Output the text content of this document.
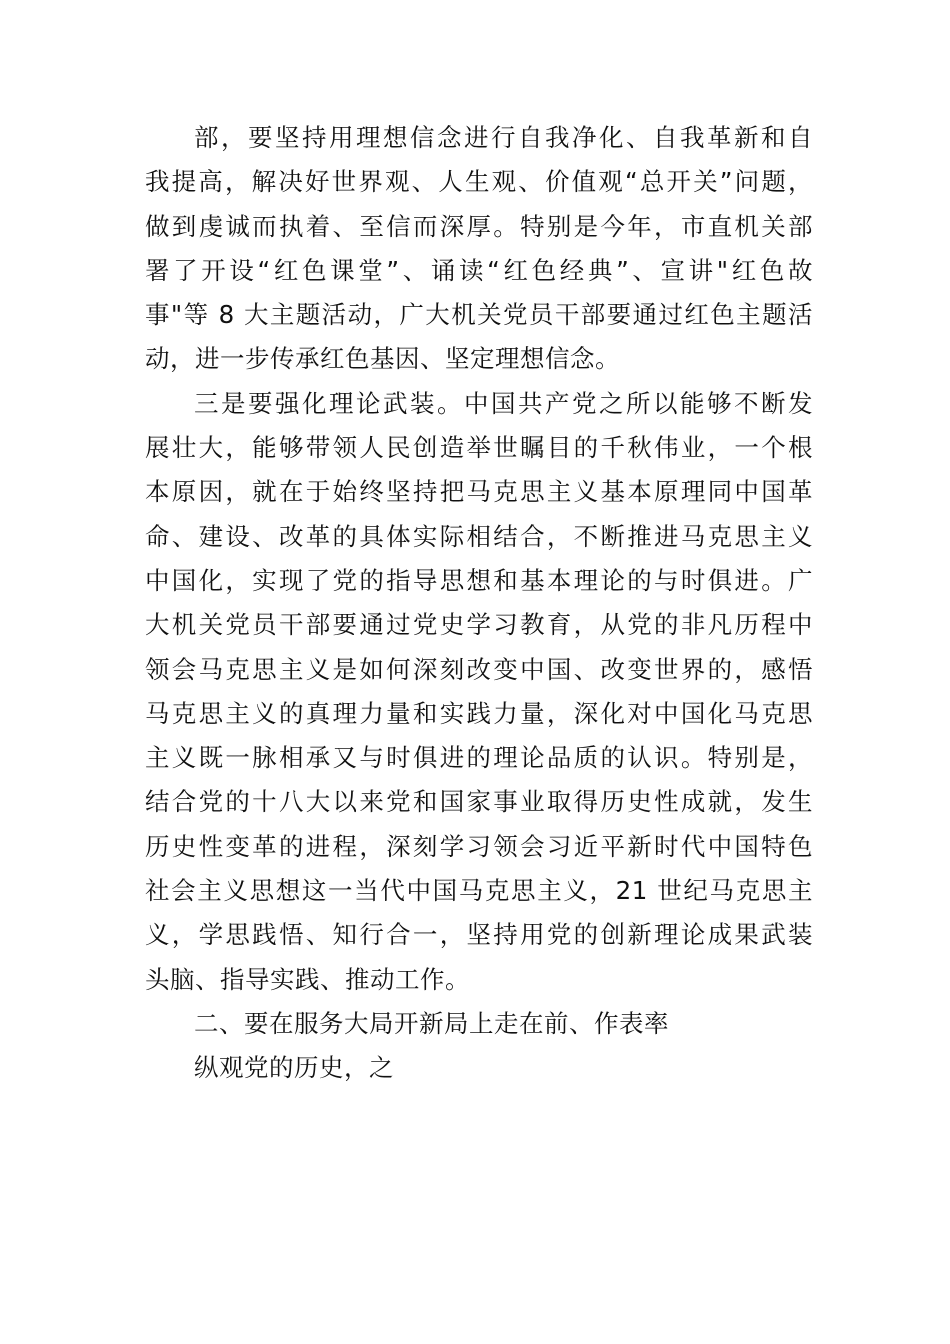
部，要坚持用理想信念进行自我净化、自我革新和自
我提高，解决好世界观、人生观、价值观“总开关”问题，
做到虔诚而执着、至信而深厚。特别是今年，市直机关部
署了开设“红色课堂”、诵读“红色经典”、宣讲"红色故
事"等 8 大主题活动，广大机关党员干部要通过红色主题活
动，进一步传承红色基因、坚定理想信念。
三是要强化理论武装。中国共产党之所以能够不断发
展壮大，能够带领人民创造举世瞩目的千秋伟业，一个根
本原因，就在于始终坚持把马克思主义基本原理同中国革
命、建设、改革的具体实际相结合，不断推进马克思主义
中国化，实现了党的指导思想和基本理论的与时俱进。广
大机关党员干部要通过党史学习教育，从党的非凡历程中
领会马克思主义是如何深刻改变中国、改变世界的，感悟
马克思主义的真理力量和实践力量，深化对中国化马克思
主义既一脉相承又与时俱进的理论品质的认识。特别是，
结合党的十八大以来党和国家事业取得历史性成就，发生
历史性变革的进程，深刻学习领会习近平新时代中国特色
社会主义思想这一当代中国马克思主义，21 世纪马克思主
义，学思践悟、知行合一，坚持用党的创新理论成果武装
头脑、指导实践、推动工作。
二、要在服务大局开新局上走在前、作表率
纵观党的历史，之
